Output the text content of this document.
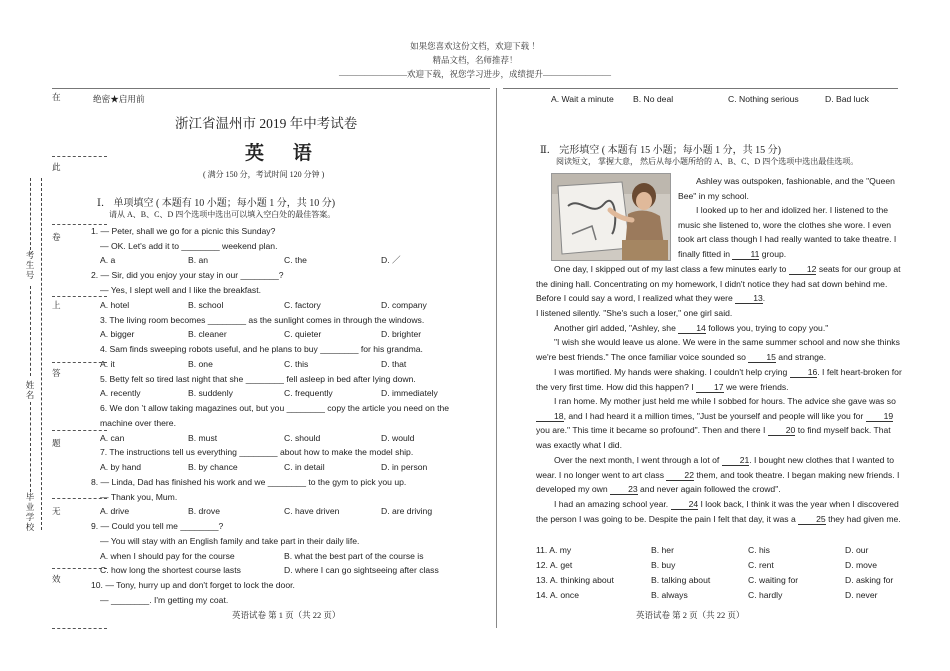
如果您喜欢这份文档，欢迎下载 ！
精品文档，名师推荐！
————————欢迎下载，祝您学习进步，成绩提升————————
在
此
卷
上
答
题
无
效
考生号
姓名
毕业学校
绝密★启用前
浙江省温州市 2019 年中考试卷
英 语
( 满分 150 分，考试时间 120 分钟 )
Ⅰ． 单项填空 ( 本题有 10 小题；每小题 1 分，共 10 分)
请从 A、B、C、D 四个选项中选出可以填入空白处的最佳答案。
1. — Peter, shall we go for a picnic this Sunday?
— OK. Let's add it to ________ weekend plan.
A. a	B. an	C. the	D. ／
2. — Sir, did you enjoy your stay in our ________?
— Yes, I slept well and I like the breakfast.
A. hotel	B. school	C. factory	D. company
3. The living room becomes ________ as the sunlight comes in through the windows.
A. bigger	B. cleaner	C. quieter	D. brighter
4. Sam finds sweeping robots useful, and he plans to buy ________ for his grandma.
A. it	B. one	C. this	D. that
5. Betty felt so tired last night that she ________ fell asleep in bed after lying down.
A. recently	B. suddenly	C. frequently	D. immediately
6. We don ’t allow taking magazines out, but you ________ copy the article you need on the
machine over there.
A. can	B. must	C. should	D. would
7. The instructions tell us everything ________ about how to make the model ship.
A. by hand	B. by chance	C. in detail	D. in person
8. — Linda, Dad has finished his work and we ________ to the gym to pick you up.
— Thank you, Mum.
A. drive	B. drove	C. have driven	D. are driving
9. — Could you tell me ________?
— You will stay with an English family and take part in their daily life.
A. when I should pay for the course	B. what the best part of the course is
C. how long the shortest course lasts	D. where I can go sightseeing after class
10. — Tony, hurry up and don't forget to lock the door.
— ________. I'm getting my coat.
英语试卷 第 1 页（共 22 页）
A. Wait a minute B. No deal	C. Nothing serious	D. Bad luck
Ⅱ． 完形填空 ( 本题有 15 小题；每小题 1 分，共 15 分)
阅读短文， 掌握大意， 然后从每小题所给的 A、B、C、D 四个选项中选出最佳选项。
Ashley was outspoken, fashionable, and the "Queen Bee" in my school.
I looked up to her and idolized her. I listened to the music she listened to, wore the clothes she wore. I even took art class though I had really wanted to take theatre. I finally fitted in 11 group.
One day, I skipped out of my last class a few minutes early to 12 seats for our group at the dining hall. Concentrating on my homework, I didn't notice they had sat down behind me. Before I could say a word, I realized what they were 13.
I listened silently. "She's such a loser," one girl said.
Another girl added, "Ashley, she 14 follows you, trying to copy you."
"I wish she would leave us alone. We were in the same summer school and now she thinks we're best friends." The once familiar voice sounded so 15 and strange.
I was mortified. My hands were shaking. I couldn't help crying 16. I felt heart-broken for the very first time. How did this happen? I 17 we were friends.
I ran home. My mother just held me while I sobbed for hours. The advice she gave was so 18, and I had heard it a million times, "Just be yourself and people will like you for 19 you are." This time it became so profound". Then and there I 20 to find myself back. That was exactly what I did.
Over the next month, I went through a lot of 21. I bought new clothes that I wanted to wear. I no longer went to art class 22 them, and took theatre. I began making new friends. I developed my own 23 and never again followed the crowd".
I had an amazing school year. 24 I look back, I think it was the year when I discovered the person I was going to be. Despite the pain I felt that day, it was a 25 they had given me.
11. A. my	B. her	C. his	D. our
12. A. get	B. buy	C. rent	D. move
13. A. thinking about	B. talking about	C. waiting for	D. asking for
14. A. once	B. always	C. hardly	D. never
英语试卷 第 2 页（共 22 页）
